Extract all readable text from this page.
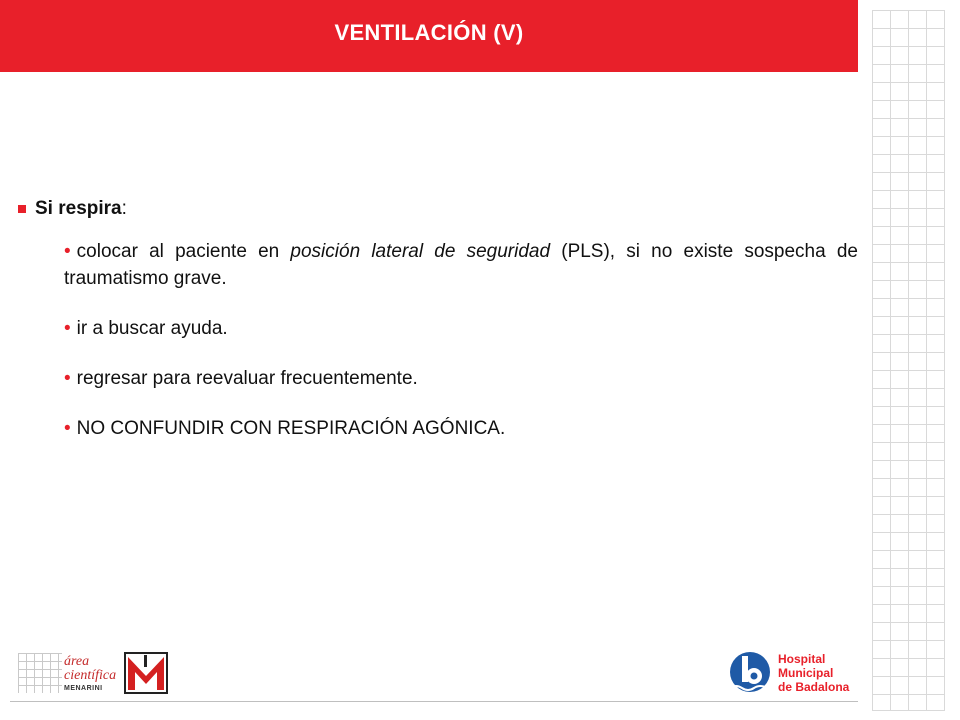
VENTILACIÓN (V)
Si respira :
• colocar al paciente en posición lateral de seguridad (PLS), si no existe sospecha de traumatismo grave.
• ir a buscar ayuda.
• regresar para reevaluar frecuentemente.
• NO CONFUNDIR CON RESPIRACIÓN AGÓNICA.
área
científica
MENARINI
Hospital
Municipal
de Badalona
